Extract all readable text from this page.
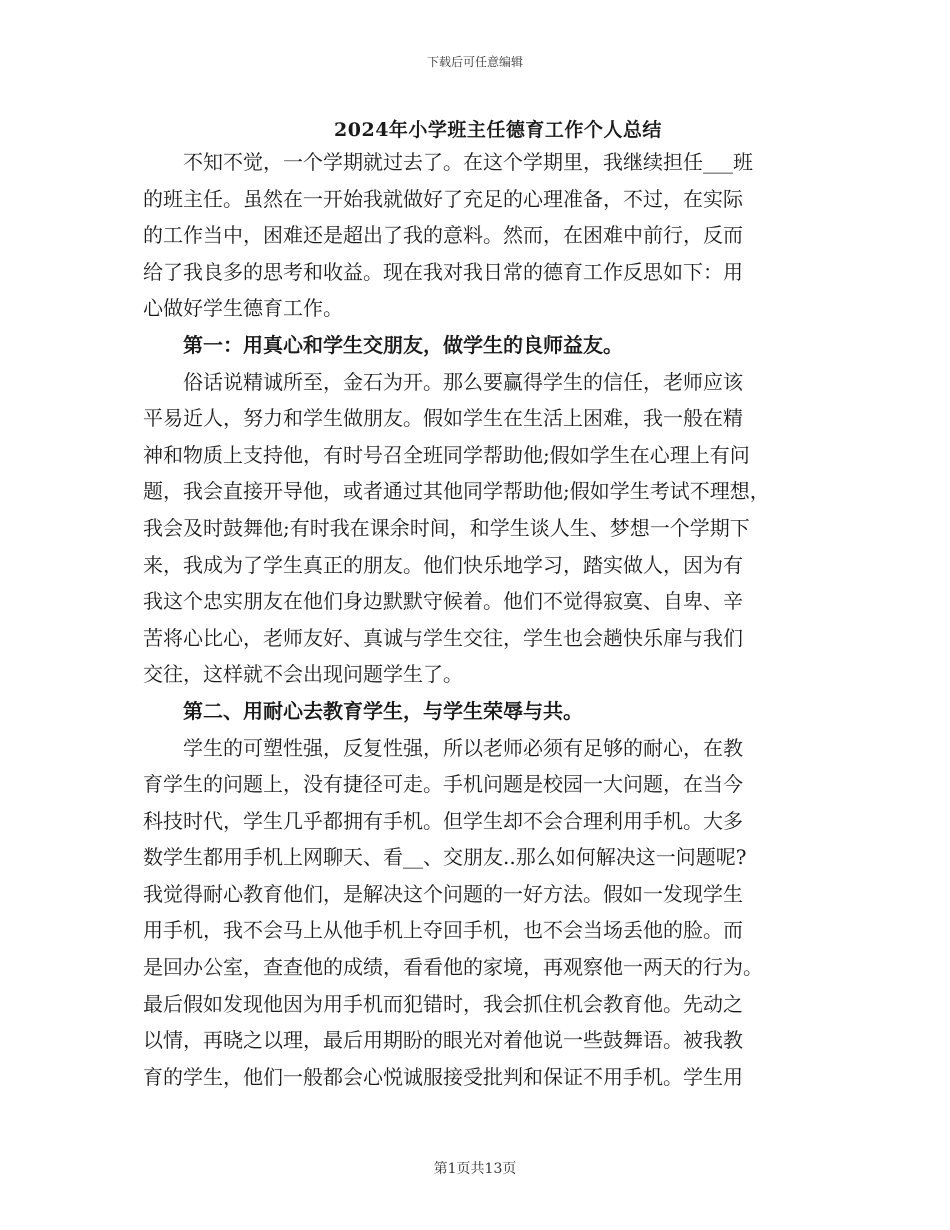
下载后可任意编辑
2024年小学班主任德育工作个人总结
　　不知不觉，一个学期就过去了。在这个学期里，我继续担任___班
的班主任。虽然在一开始我就做好了充足的心理准备，不过，在实际
的工作当中，困难还是超出了我的意料。然而，在困难中前行，反而
给了我良多的思考和收益。现在我对我日常的德育工作反思如下：用
心做好学生德育工作。
　　第一：用真心和学生交朋友，做学生的良师益友。
　　俗话说精诚所至，金石为开。那么要赢得学生的信任，老师应该
平易近人，努力和学生做朋友。假如学生在生活上困难，我一般在精
神和物质上支持他，有时号召全班同学帮助他;假如学生在心理上有问
题，我会直接开导他，或者通过其他同学帮助他;假如学生考试不理想，
我会及时鼓舞他;有时我在课余时间，和学生谈人生、梦想一个学期下
来，我成为了学生真正的朋友。他们快乐地学习，踏实做人，因为有
我这个忠实朋友在他们身边默默守候着。他们不觉得寂寞、自卑、辛
苦将心比心，老师友好、真诚与学生交往，学生也会趟快乐扉与我们
交往，这样就不会出现问题学生了。
　　第二、用耐心去教育学生，与学生荣辱与共。
　　学生的可塑性强，反复性强，所以老师必须有足够的耐心，在教
育学生的问题上，没有捷径可走。手机问题是校园一大问题，在当今
科技时代，学生几乎都拥有手机。但学生却不会合理利用手机。大多
数学生都用手机上网聊天、看__、交朋友..那么如何解决这一问题呢?
我觉得耐心教育他们，是解决这个问题的一好方法。假如一发现学生
用手机，我不会马上从他手机上夺回手机，也不会当场丢他的脸。而
是回办公室，查查他的成绩，看看他的家境，再观察他一两天的行为。
最后假如发现他因为用手机而犯错时，我会抓住机会教育他。先动之
以情，再晓之以理，最后用期盼的眼光对着他说一些鼓舞语。被我教
育的学生，他们一般都会心悦诚服接受批判和保证不用手机。学生用
第1页共13页
